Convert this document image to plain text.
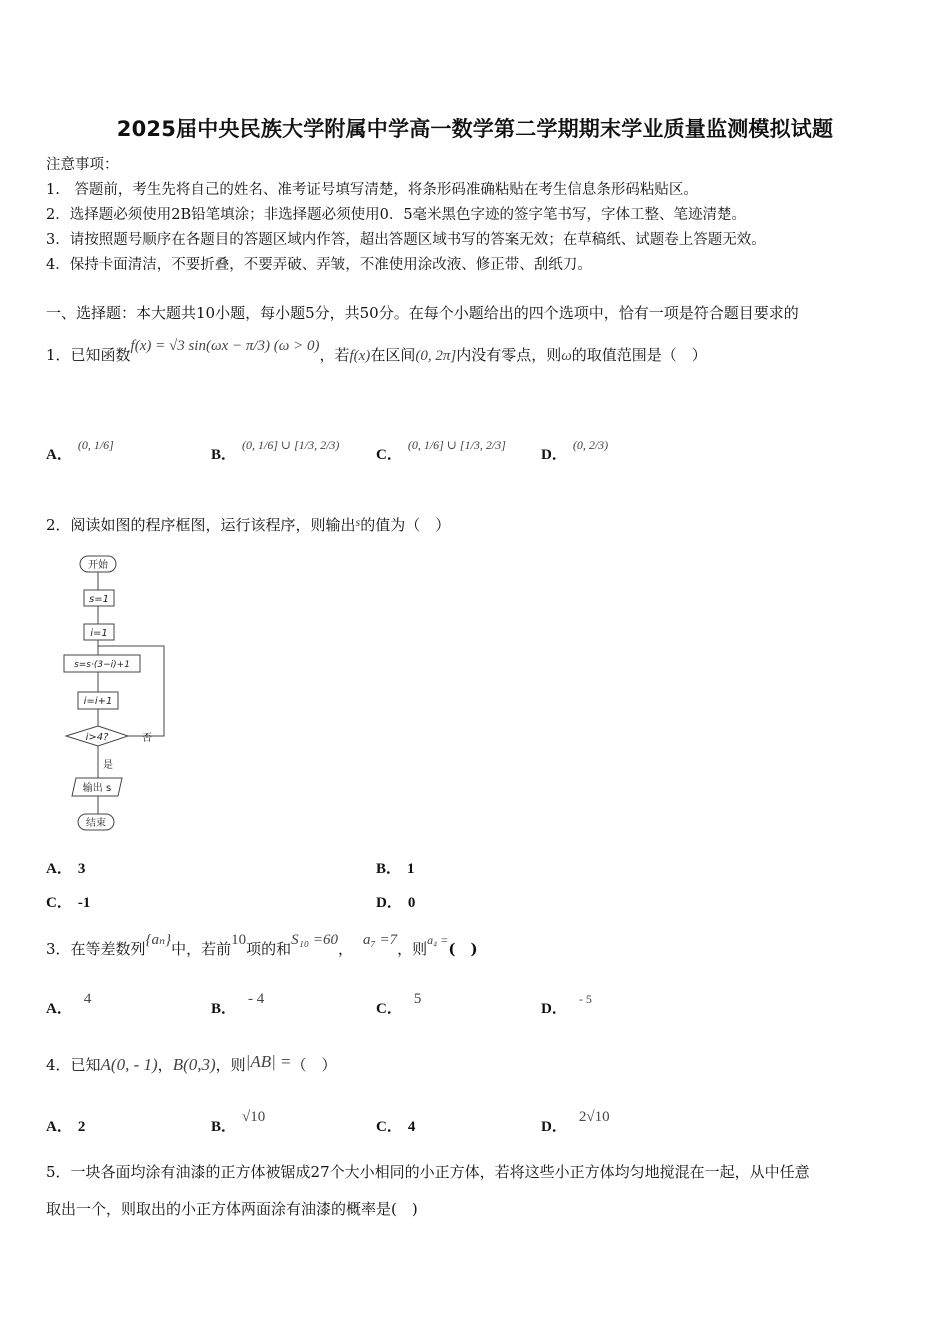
2025届中央民族大学附属中学高一数学第二学期期末学业质量监测模拟试题
注意事项：
1.　答题前，考生先将自己的姓名、准考证号填写清楚，将条形码准确粘贴在考生信息条形码粘贴区。
2．选择题必须使用2B铅笔填涂；非选择题必须使用0．5毫米黑色字迹的签字笔书写，字体工整、笔迹清楚。
3．请按照题号顺序在各题目的答题区域内作答，超出答题区域书写的答案无效；在草稿纸、试题卷上答题无效。
4．保持卡面清洁，不要折叠，不要弄破、弄皱，不准使用涂改液、修正带、刮纸刀。
一、选择题：本大题共10小题，每小题5分，共50分。在每个小题给出的四个选项中，恰有一项是符合题目要求的
1．已知函数f(x) = √3 sin(ωx − π/3) (ω > 0)，若f(x)在区间(0, 2π]内没有零点，则ω的取值范围是（　）
A．$^{(0, 1/6]}$
B．$^{(0, 1/6] \cup [1/3, 2/3)}$
C．$^{(0, 1/6] \cup [1/3, 2/3]}$
D．$^{(0, 2/3)}$
2．阅读如图的程序框图，运行该程序，则输出$^s$的值为（　）
开始
s=1
i=1
s=s·(3−i)+1
i=i+1
i>4?	否
是
输出 s
结束
A． 3	B． 1
C． -1	D． 0
3．在等差数列{aₙ}中，若前10项的和S₁₀ =60， a₇ =7，则$^{a_4 =}$(　)
A．4
B．- 4
C．5
D．$^{- 5}$
4．已知A(0, - 1)，B(0,3)，则|AB| =（　）
A． 2	B．√10
C． 4	D．2√10
5．一块各面均涂有油漆的正方体被锯成27个大小相同的小正方体，若将这些小正方体均匀地搅混在一起，从中任意
取出一个，则取出的小正方体两面涂有油漆的概率是(　)
